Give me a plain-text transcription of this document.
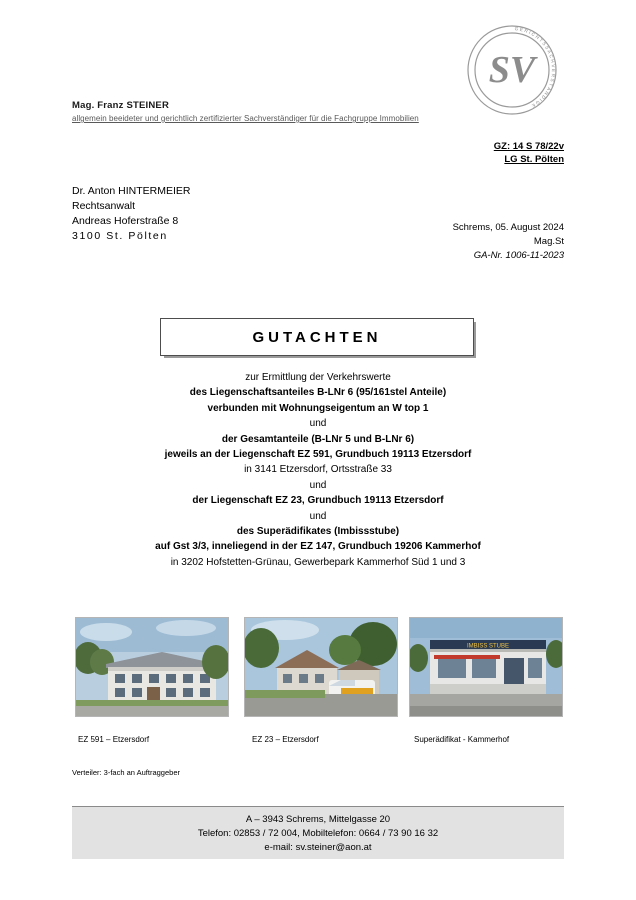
GERICHTSSACHVERSTÄNDIGE
SV
Mag. Franz STEINER
allgemein beeideter und gerichtlich zertifizierter Sachverständiger für die Fachgruppe Immobilien
GZ: 14 S 78/22v
LG St. Pölten
Dr. Anton HINTERMEIER
Rechtsanwalt
Andreas Hoferstraße 8
3100 St. Pölten
Schrems, 05. August 2024
Mag.St
GA-Nr. 1006-11-2023
GUTACHTEN
zur Ermittlung der Verkehrswerte
des Liegenschaftsanteiles B-LNr 6 (95/161stel Anteile)
verbunden mit Wohnungseigentum an W top 1
und
der Gesamtanteile (B-LNr 5 und B-LNr 6)
jeweils an der Liegenschaft EZ 591, Grundbuch 19113 Etzersdorf
in 3141 Etzersdorf, Ortsstraße 33
und
der Liegenschaft EZ 23, Grundbuch 19113 Etzersdorf
und
des Superädifikates (Imbissstube)
auf Gst 3/3, inneliegend in der EZ 147, Grundbuch 19206 Kammerhof
in 3202 Hofstetten-Grünau, Gewerbepark Kammerhof Süd 1 und 3
IMBISS STUBE
EZ 591 – Etzersdorf	EZ 23 – Etzersdorf	Superädifikat - Kammerhof
Verteiler: 3-fach an Auftraggeber
A – 3943 Schrems, Mittelgasse 20
Telefon: 02853 / 72 004, Mobiltelefon: 0664 / 73 90 16 32
e-mail: sv.steiner@aon.at
